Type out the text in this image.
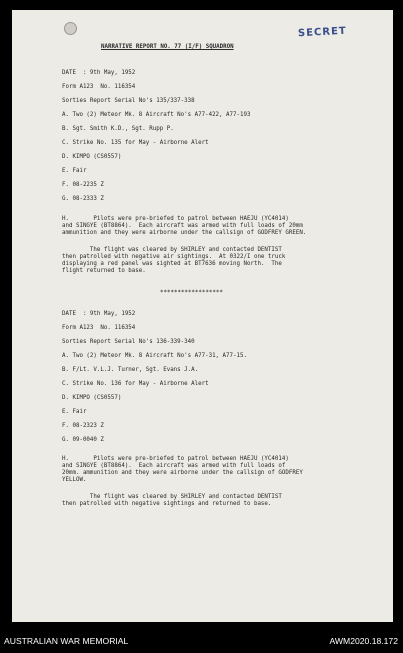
SECRET
NARRATIVE REPORT NO. 77 (I/F) SQUADRON
DATE  : 9th May, 1952
Form A123  No. 116354
Sorties Report Serial No's 135/337-338
A. Two (2) Meteor Mk. 8 Aircraft No's A77-422, A77-193
B. Sgt. Smith K.D., Sgt. Rupp P.
C. Strike No. 135 for May - Airborne Alert
D. KIMPO (CS0557)
E. Fair
F. 08-2235 Z
G. 08-2333 Z
H.       Pilots were pre-briefed to patrol between HAEJU (YC4014)
and SINGYE (BT8864).  Each aircraft was armed with full loads of 20mm
ammunition and they were airborne under the callsign of GODFREY GREEN.
The flight was cleared by SHIRLEY and contacted DENTIST
then patrolled with negative air sightings.  At 0322/I one truck
displaying a red panel was sighted at BT7636 moving North.  The
flight returned to base.
******************
DATE  : 9th May, 1952
Form A123  No. 116354
Sorties Report Serial No's 136-339-340
A. Two (2) Meteor Mk. 8 Aircraft No's A77-31, A77-15.
B. F/Lt. V.L.J. Turner, Sgt. Evans J.A.
C. Strike No. 136 for May - Airborne Alert
D. KIMPO (CS0557)
E. Fair
F. 08-2323 Z
G. 09-0040 Z
H.       Pilots were pre-briefed to patrol between HAEJU (YC4014)
and SINGYE (BT8864).  Each aircraft was armed with full loads of
20mm. ammunition and they were airborne under the callsign of GODFREY
YELLOW.
The flight was cleared by SHIRLEY and contacted DENTIST
then patrolled with negative sightings and returned to base.
AUSTRALIAN WAR MEMORIAL	AWM2020.18.172
